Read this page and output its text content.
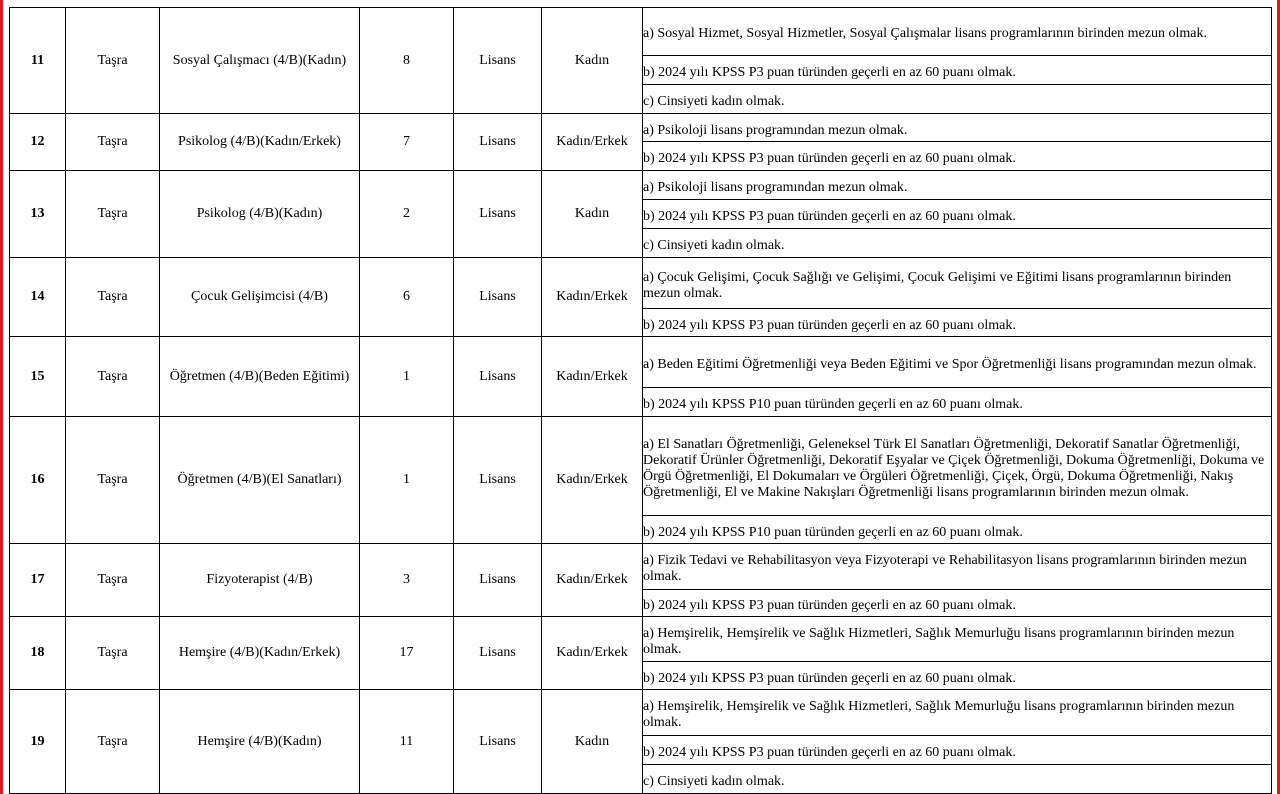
11	Taşra	Sosyal Çalışmacı (4/B)(Kadın)	8	Lisans	Kadın	a) Sosyal Hizmet, Sosyal Hizmetler, Sosyal Çalışmalar lisans programlarının birinden mezun olmak.

						b) 2024 yılı KPSS P3 puan türünden geçerli en az 60 puanı olmak.

						c) Cinsiyeti kadın olmak.

12	Taşra	Psikolog (4/B)(Kadın/Erkek)	7	Lisans	Kadın/Erkek	a) Psikoloji lisans programından mezun olmak.

						b) 2024 yılı KPSS P3 puan türünden geçerli en az 60 puanı olmak.

13	Taşra	Psikolog (4/B)(Kadın)	2	Lisans	Kadın	a) Psikoloji lisans programından mezun olmak.

						b) 2024 yılı KPSS P3 puan türünden geçerli en az 60 puanı olmak.

						c) Cinsiyeti kadın olmak.

14	Taşra	Çocuk Gelişimcisi (4/B)	6	Lisans	Kadın/Erkek	a) Çocuk Gelişimi, Çocuk Sağlığı ve Gelişimi, Çocuk Gelişimi ve Eğitimi lisans programlarının birinden mezun olmak.

						b) 2024 yılı KPSS P3 puan türünden geçerli en az 60 puanı olmak.

15	Taşra	Öğretmen (4/B)(Beden Eğitimi)	1	Lisans	Kadın/Erkek	a) Beden Eğitimi Öğretmenliği veya Beden Eğitimi ve Spor Öğretmenliği lisans programından mezun olmak.

						b) 2024 yılı KPSS P10 puan türünden geçerli en az 60 puanı olmak.

16	Taşra	Öğretmen (4/B)(El Sanatları)	1	Lisans	Kadın/Erkek	a) El Sanatları Öğretmenliği, Geleneksel Türk El Sanatları Öğretmenliği, Dekoratif Sanatlar Öğretmenliği, Dekoratif Ürünler Öğretmenliği, Dekoratif Eşyalar ve Çiçek Öğretmenliği, Dokuma Öğretmenliği, Dokuma ve Örgü Öğretmenliği, El Dokumaları ve Örgüleri Öğretmenliği, Çiçek, Örgü, Dokuma Öğretmenliği, Nakış Öğretmenliği, El ve Makine Nakışları Öğretmenliği lisans programlarının birinden mezun olmak.

						b) 2024 yılı KPSS P10 puan türünden geçerli en az 60 puanı olmak.

17	Taşra	Fizyoterapist (4/B)	3	Lisans	Kadın/Erkek	a) Fizik Tedavi ve Rehabilitasyon veya Fizyoterapi ve Rehabilitasyon lisans programlarının birinden mezun olmak.

						b) 2024 yılı KPSS P3 puan türünden geçerli en az 60 puanı olmak.

18	Taşra	Hemşire (4/B)(Kadın/Erkek)	17	Lisans	Kadın/Erkek	a) Hemşirelik, Hemşirelik ve Sağlık Hizmetleri, Sağlık Memurluğu lisans programlarının birinden mezun olmak.

						b) 2024 yılı KPSS P3 puan türünden geçerli en az 60 puanı olmak.

19	Taşra	Hemşire (4/B)(Kadın)	11	Lisans	Kadın	a) Hemşirelik, Hemşirelik ve Sağlık Hizmetleri, Sağlık Memurluğu lisans programlarının birinden mezun olmak.

						b) 2024 yılı KPSS P3 puan türünden geçerli en az 60 puanı olmak.

						c) Cinsiyeti kadın olmak.
